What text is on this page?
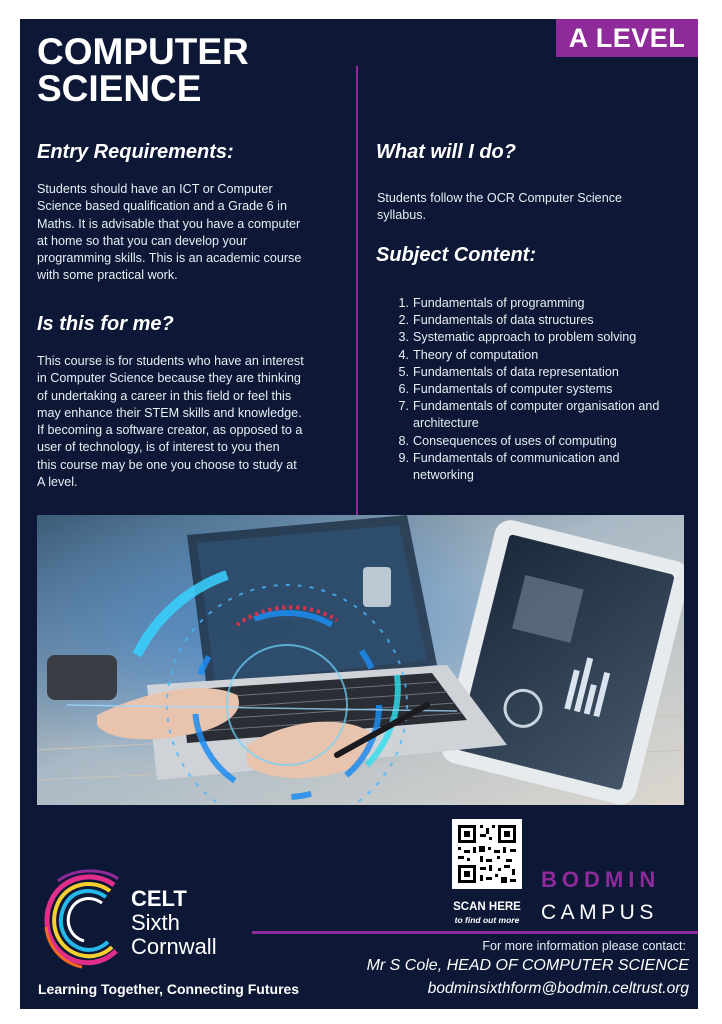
A LEVEL
COMPUTER
SCIENCE
Entry Requirements:
Students should have an ICT or Computer
Science based qualification and a Grade 6 in
Maths. It is advisable that you have a computer
at home so that you can develop your
programming skills. This is an academic course
with some practical work.
Is this for me?
This course is for students who have an interest
in Computer Science because they are thinking
of undertaking a career in this field or feel this
may enhance their STEM skills and knowledge.
If becoming a software creator, as opposed to a
user of technology, is of interest to you then
this course may be one you choose to study at
A level.
What will I do?
Students follow the OCR Computer Science
syllabus.
Subject Content:
1. Fundamentals of programming
2. Fundamentals of data structures
3. Systematic approach to problem solving
4. Theory of computation
5. Fundamentals of data representation
6. Fundamentals of computer systems
7. Fundamentals of computer organisation and
architecture
8. Consequences of uses of computing
9. Fundamentals of communication and
networking
SCAN HERE
to find out more
BODMIN
CAMPUS
For more information please contact:
Mr S Cole, HEAD OF COMPUTER SCIENCE
bodminsixthform@bodmin.celtrust.org
CELT
Sixth
Cornwall
Learning Together, Connecting Futures
